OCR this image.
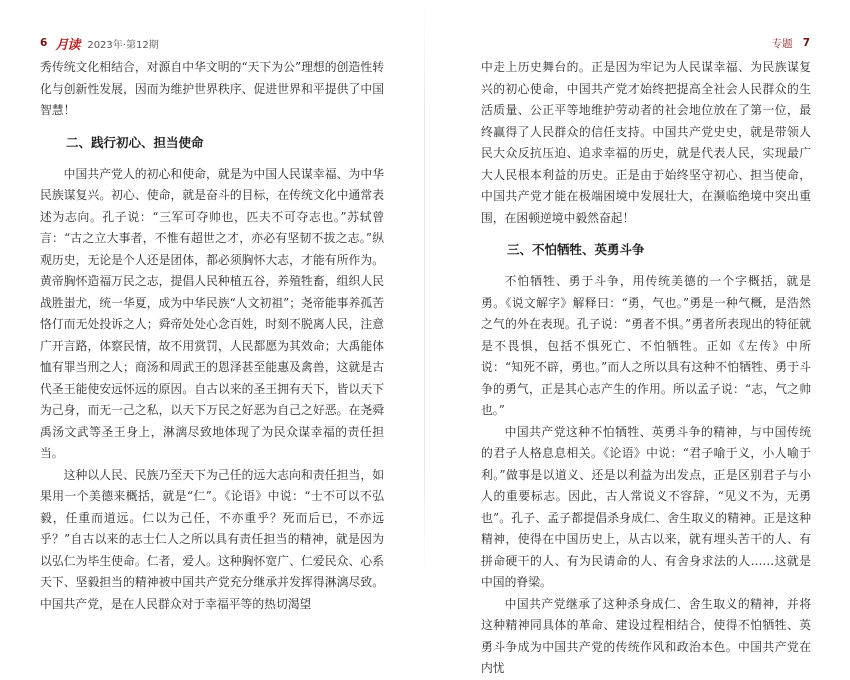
6 月读 2023年·第12期	专题 7

秀传统文化相结合，对源自中华文明的“天下为公”理想的创造性转化与创新性发展，因而为维护世界秩序、促进世界和平提供了中国智慧！

二、践行初心、担当使命

中国共产党人的初心和使命，就是为中国人民谋幸福、为中华民族谋复兴。初心、使命，就是奋斗的目标，在传统文化中通常表述为志向。孔子说：“三军可夺帅也，匹夫不可夺志也。”苏轼曾言：“古之立大事者，不惟有超世之才，亦必有坚韧不拔之志。”纵观历史，无论是个人还是团体，都必须胸怀大志，才能有所作为。黄帝胸怀造福万民之志，提倡人民种植五谷，养殖牲畜，组织人民战胜蚩尤，统一华夏，成为中华民族“人文初祖”；尧帝能事养孤苦恪仃而无处投诉之人；舜帝处处心念百姓，时刻不脱离人民，注意广开言路，体察民情，故不用赏罚，人民都愿为其效命；大禹能体恤有罪当刑之人；商汤和周武王的恩泽甚至能惠及禽兽，这就是古代圣王能使安远怀远的原因。自古以来的圣王拥有天下，皆以天下为己身，而无一己之私，以天下万民之好恶为自己之好恶。在尧舜禹汤文武等圣王身上，淋漓尽致地体现了为民众谋幸福的责任担当。

这种以人民、民族乃至天下为己任的远大志向和责任担当，如果用一个美德来概括，就是“仁”。《论语》中说：“士不可以不弘毅，任重而道远。仁以为己任，不亦重乎？死而后已，不亦远乎？”自古以来的志士仁人之所以具有责任担当的精神，就是因为以弘仁为毕生使命。仁者，爱人。这种胸怀宽广、仁爱民众、心系天下、坚毅担当的精神被中国共产党充分继承并发挥得淋漓尽致。中国共产党，是在人民群众对于幸福平等的热切渴望

中走上历史舞台的。正是因为牢记为人民谋幸福、为民族谋复兴的初心使命，中国共产党才始终把提高全社会人民群众的生活质量、公正平等地维护劳动者的社会地位放在了第一位，最终赢得了人民群众的信任支持。中国共产党史史，就是带领人民大众反抗压迫、追求幸福的历史，就是代表人民，实现最广大人民根本利益的历史。正是由于始终坚守初心、担当使命，中国共产党才能在极端困境中发展壮大，在濒临绝境中突出重围，在困顿逆境中毅然奋起！

三、不怕牺牲、英勇斗争

不怕牺牲、勇于斗争，用传统美德的一个字概括，就是勇。《说文解字》解释曰：“勇，气也。”勇是一种气概，是浩然之气的外在表现。孔子说：“勇者不惧。”勇者所表现出的特征就是不畏惧，包括不惧死亡、不怕牺牲。正如《左传》中所说：“知死不辟，勇也。”而人之所以具有这种不怕牺牲、勇于斗争的勇气，正是其心志产生的作用。所以孟子说：“志，气之帅也。”

中国共产党这种不怕牺牲、英勇斗争的精神，与中国传统的君子人格息息相关。《论语》中说：“君子喻于义，小人喻于利。”做事是以道义、还是以利益为出发点，正是区别君子与小人的重要标志。因此，古人常说义不容辞，“见义不为，无勇也”。孔子、孟子都提倡杀身成仁、舍生取义的精神。正是这种精神，使得在中国历史上，从古以来，就有埋头苦干的人、有拼命硬干的人、有为民请命的人、有舍身求法的人……这就是中国的脊梁。

中国共产党继承了这种杀身成仁、舍生取义的精神，并将这种精神同具体的革命、建设过程相结合，使得不怕牺牲、英勇斗争成为中国共产党的传统作风和政治本色。中国共产党在内忧
